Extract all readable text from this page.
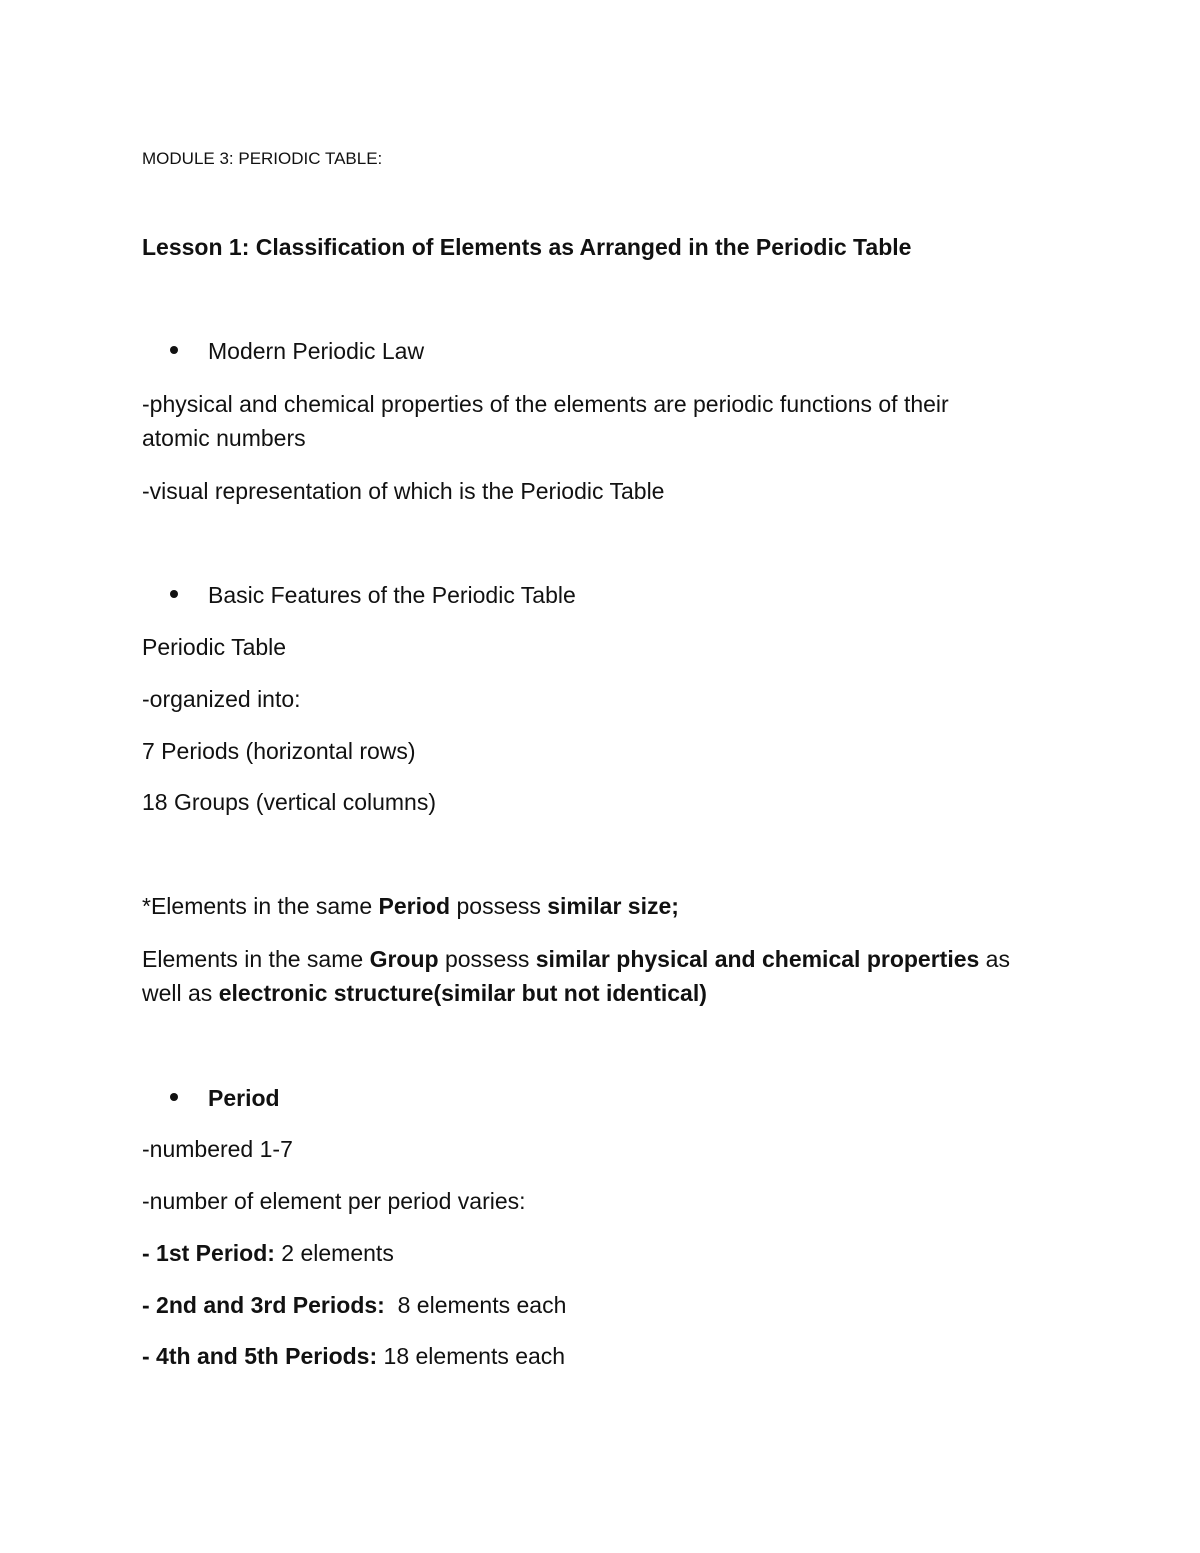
MODULE 3: PERIODIC TABLE:
Lesson 1: Classification of Elements as Arranged in the Periodic Table
Modern Periodic Law
-physical and chemical properties of the elements are periodic functions of their
atomic numbers
-visual representation of which is the Periodic Table
Basic Features of the Periodic Table
Periodic Table
-organized into:
7 Periods (horizontal rows)
18 Groups (vertical columns)
*Elements in the same Period possess similar size;
Elements in the same Group possess similar physical and chemical properties as
well as electronic structure(similar but not identical)
Period
-numbered 1-7
-number of element per period varies:
- 1st Period: 2 elements
- 2nd and 3rd Periods:  8 elements each
- 4th and 5th Periods: 18 elements each
